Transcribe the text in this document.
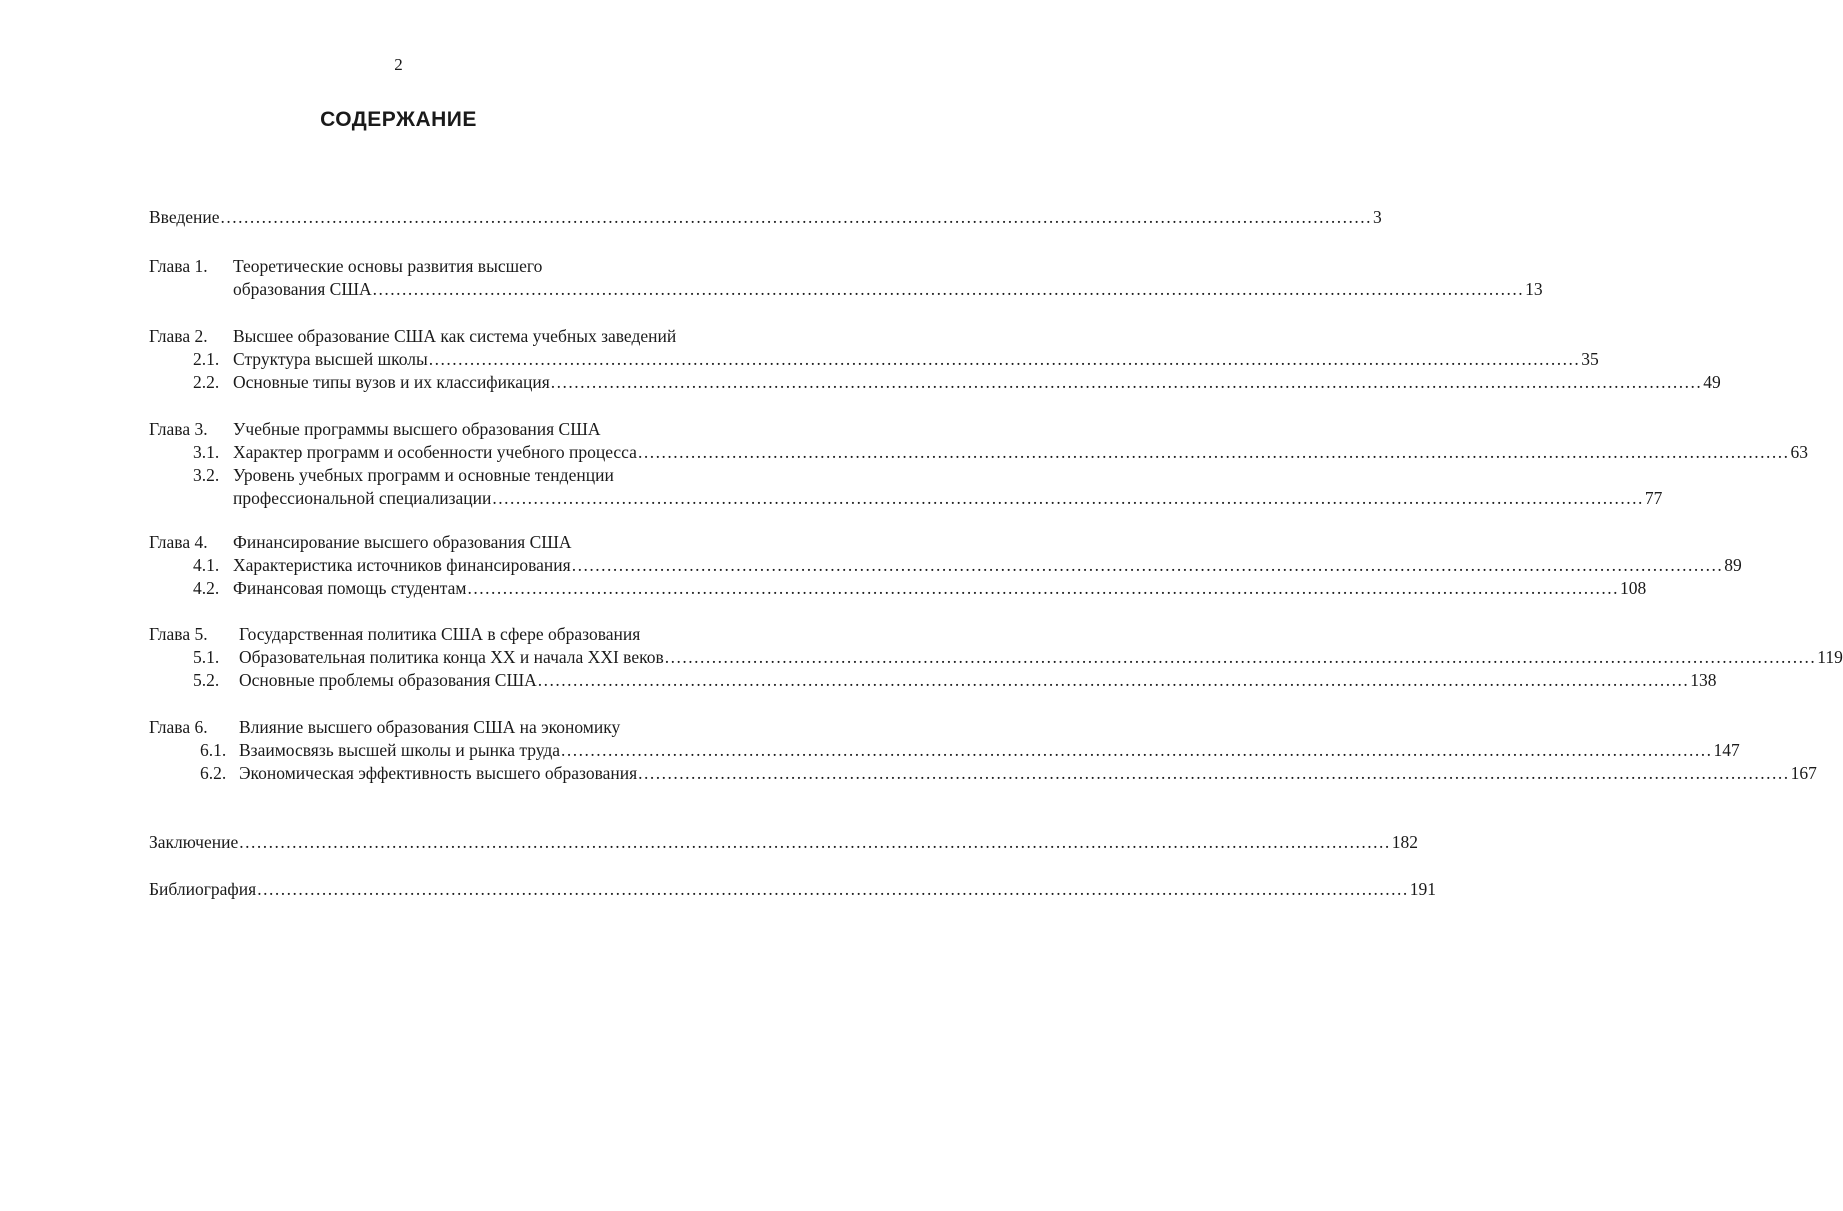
2
СОДЕРЖАНИЕ
Введение .................................................................................................................................................................................................... 3
Глава 1. Теоретические основы развития высшего
образования США .................................................................................................................................................................................................... 13
Глава 2. Высшее образование США как система учебных заведений
2.1. Структура высшей школы .................................................................................................................................................................................................... 35
2.2. Основные типы вузов и их классификация .................................................................................................................................................................................................... 49
Глава 3. Учебные программы высшего образования США
3.1. Характер программ и особенности учебного процесса .................................................................................................................................................................................................... 63
3.2. Уровень учебных программ и основные тенденции
профессиональной специализации .................................................................................................................................................................................................... 77
Глава 4. Финансирование высшего образования США
4.1. Характеристика источников финансирования .................................................................................................................................................................................................... 89
4.2. Финансовая помощь студентам .................................................................................................................................................................................................... 108
Глава 5. Государственная политика США в сфере образования
5.1. Образовательная политика конца XX и начала XXI веков .................................................................................................................................................................................................... 119
5.2. Основные проблемы образования США .................................................................................................................................................................................................... 138
Глава 6. Влияние высшего образования США на экономику
6.1. Взаимосвязь высшей школы и рынка труда .................................................................................................................................................................................................... 147
6.2. Экономическая эффективность высшего образования .................................................................................................................................................................................................... 167
Заключение .................................................................................................................................................................................................... 182
Библиография .................................................................................................................................................................................................... 191
